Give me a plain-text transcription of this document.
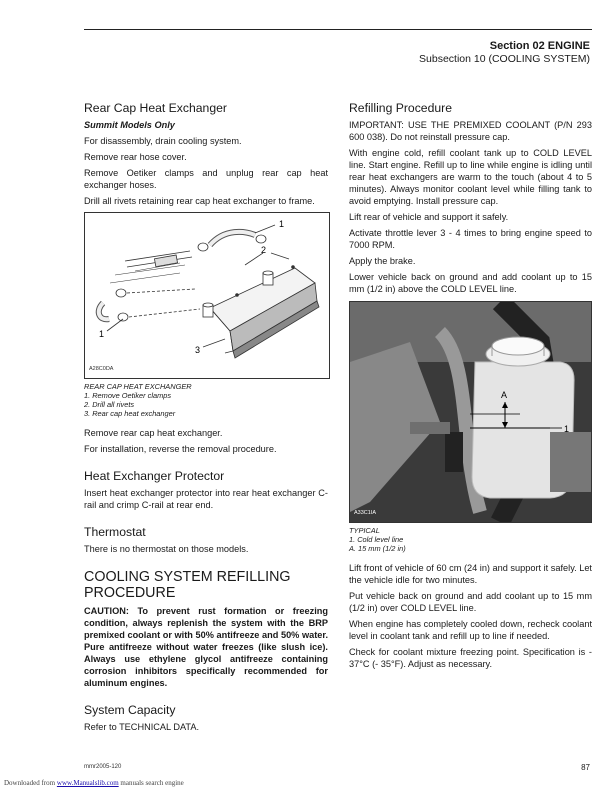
Section 02 ENGINE
Subsection 10 (COOLING SYSTEM)
Rear Cap Heat Exchanger
Summit Models Only

For disassembly, drain cooling system.

Remove rear hose cover.

Remove Oetiker clamps and unplug rear cap heat exchanger hoses.

Drill all rivets retaining rear cap heat exchanger to frame.

1
2
1
3
A28C0DA
REAR CAP HEAT EXCHANGER
1. Remove Oetiker clamps
2. Drill all rivets
3. Rear cap heat exchanger

Remove rear cap heat exchanger.

For installation, reverse the removal procedure.

Heat Exchanger Protector

Insert heat exchanger protector into rear heat exchanger C-rail and crimp C-rail at rear end.

Thermostat

There is no thermostat on those models.

COOLING SYSTEM REFILLING PROCEDURE

CAUTION: To prevent rust formation or freezing condition, always replenish the system with the BRP premixed coolant or with 50% antifreeze and 50% water. Pure antifreeze without water freezes (like slush ice). Always use ethylene glycol antifreeze containing corrosion inhibitors specifically recommended for aluminum engines.

System Capacity

Refer to TECHNICAL DATA.

Refilling Procedure

IMPORTANT: USE THE PREMIXED COOLANT (P/N 293 600 038). Do not reinstall pressure cap.

With engine cold, refill coolant tank up to COLD LEVEL line. Start engine. Refill up to line while engine is idling until rear heat exchangers are warm to the touch (about 4 to 5 minutes). Always monitor coolant level while filling tank to avoid emptying. Install pressure cap.

Lift rear of vehicle and support it safely.

Activate throttle lever 3 - 4 times to bring engine speed to 7000 RPM.

Apply the brake.

Lower vehicle back on ground and add coolant up to 15 mm (1/2 in) above the COLD LEVEL line.

A
1
A33C1IA
TYPICAL
1. Cold level line
A. 15 mm (1/2 in)

Lift front of vehicle of 60 cm (24 in) and support it safely. Let the vehicle idle for two minutes.

Put vehicle back on ground and add coolant up to 15 mm (1/2 in) over COLD LEVEL line.

When engine has completely cooled down, recheck coolant level in coolant tank and refill up to line if needed.

Check for coolant mixture freezing point. Specification is - 37°C (- 35°F). Adjust as necessary.

mmr2005-120	87
Downloaded from www.Manualslib.com manuals search engine
